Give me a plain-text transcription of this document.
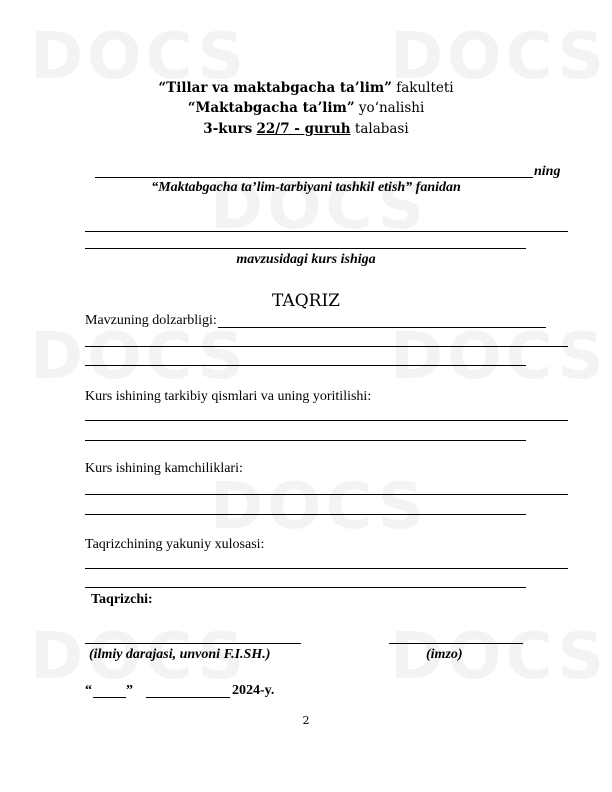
“Tillar va maktabgacha ta’lim” fakulteti
“Maktabgacha ta’lim” yo‘nalishi
3-kurs 22/7 - guruh talabasi
ning
“Maktabgacha ta’lim-tarbiyani tashkil etish” fanidan
mavzusidagi kurs ishiga
TAQRIZ
Mavzuning dolzarbligi:
Kurs ishining tarkibiy qismlari va uning yoritilishi:
Kurs ishining kamchiliklari:
Taqrizchining yakuniy xulosasi:
Taqrizchi:
(ilmiy darajasi, unvoni F.I.SH.)	(imzo)
“ ”	2024-y.
2
